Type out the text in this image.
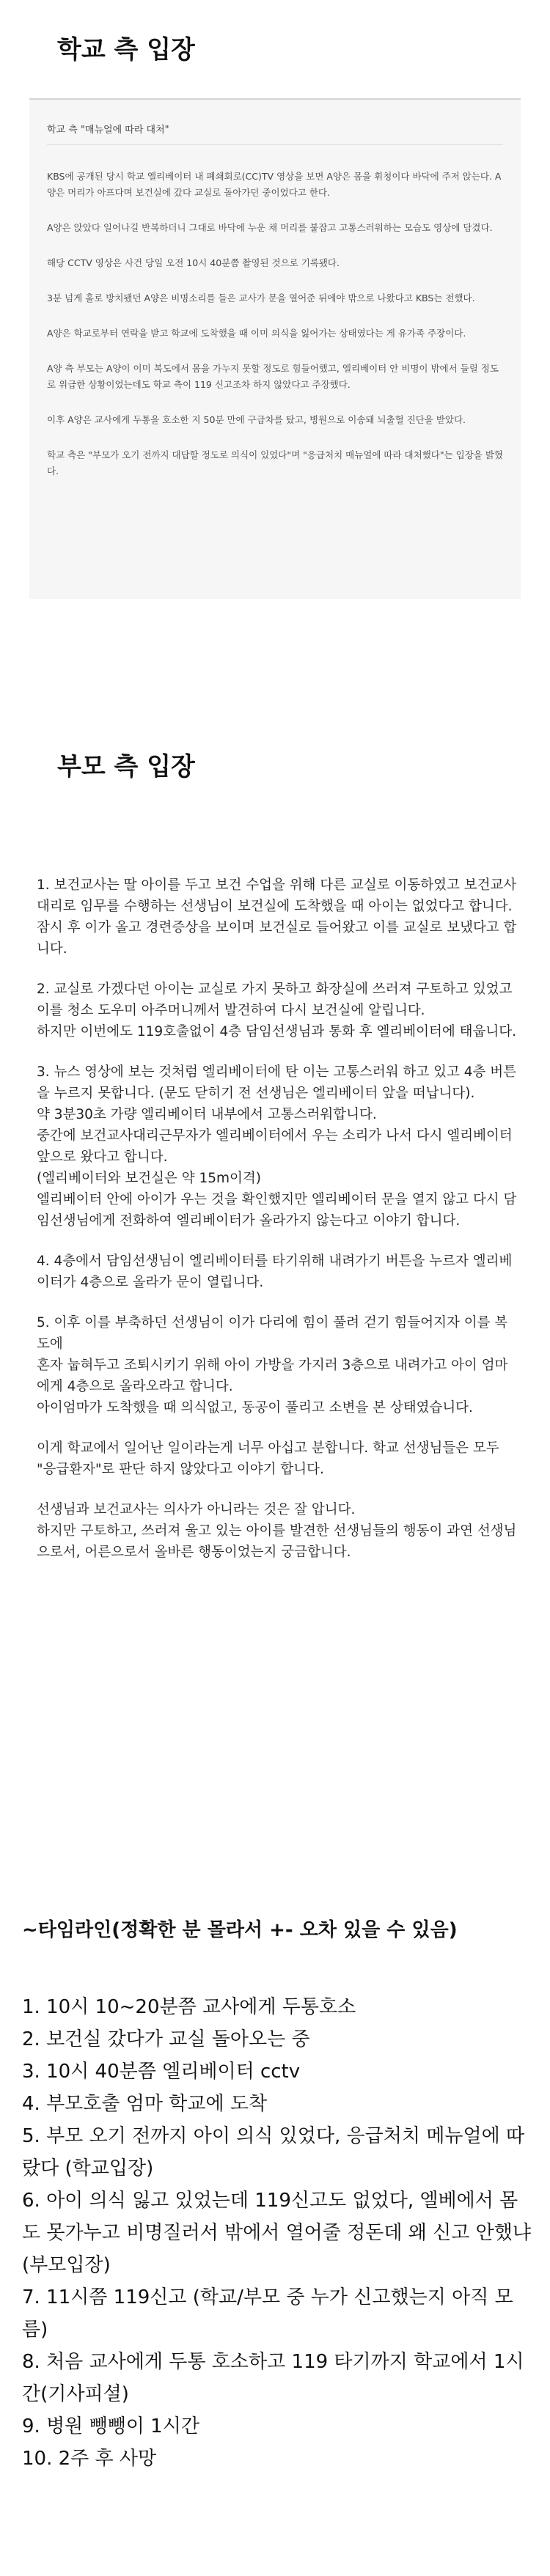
학교 측 입장
학교 측 "매뉴얼에 따라 대처"

KBS에 공개된 당시 학교 엘리베이터 내 폐쇄회로(CC)TV 영상을 보면 A양은 몸을 휘청이다 바닥에 주저 앉는다. A양은 머리가 아프다며 보건실에 갔다 교실로 돌아가던 중이었다고 한다.

A양은 앉았다 일어나길 반복하더니 그대로 바닥에 누운 채 머리를 붙잡고 고통스러워하는 모습도 영상에 담겼다.

해당 CCTV 영상은 사건 당일 오전 10시 40분쯤 촬영된 것으로 기록됐다.

3분 넘게 홀로 방치됐던 A양은 비명소리를 들은 교사가 문을 열어준 뒤에야 밖으로 나왔다고 KBS는 전했다.

A양은 학교로부터 연락을 받고 학교에 도착했을 때 이미 의식을 잃어가는 상태였다는 게 유가족 주장이다.

A양 측 부모는 A양이 이미 복도에서 몸을 가누지 못할 정도로 힘들어했고, 엘리베이터 안 비명이 밖에서 들릴 정도로 위급한 상황이었는데도 학교 측이 119 신고조차 하지 않았다고 주장했다.

이후 A양은 교사에게 두통을 호소한 지 50분 만에 구급차를 탔고, 병원으로 이송돼 뇌출혈 진단을 받았다.

학교 측은 "부모가 오기 전까지 대답할 정도로 의식이 있었다"며 "응급처치 매뉴얼에 따라 대처했다"는 입장을 밝혔다.

부모 측 입장

1. 보건교사는 딸 아이를 두고 보건 수업을 위해 다른 교실로 이동하였고 보건교사 대리로 임무를 수행하는 선생님이 보건실에 도착했을 때 아이는 없었다고 합니다. 잠시 후 이가 올고 경련증상을 보이며 보건실로 들어왔고 이를 교실로 보냈다고 합니다.

2. 교실로 가겠다던 아이는 교실로 가지 못하고 화장실에 쓰러져 구토하고 있었고 이를 청소 도우미 아주머니께서 발견하여 다시 보건실에 알립니다.
하지만 이번에도 119호출없이 4층 담임선생님과 통화 후 엘리베이터에 태웁니다.

3. 뉴스 영상에 보는 것처럼 엘리베이터에 탄 이는 고통스러워 하고 있고 4층 버튼을 누르지 못합니다. (문도 닫히기 전 선생님은 엘리베이터 앞을 떠납니다).
약 3분30초 가량 엘리베이터 내부에서 고통스러워합니다.
중간에 보건교사대리근무자가 엘리베이터에서 우는 소리가 나서 다시 엘리베이터 앞으로 왔다고 합니다.
(엘리베이터와 보건실은 약 15m이격)
엘리베이터 안에 아이가 우는 것을 확인했지만 엘리베이터 문을 열지 않고 다시 담임선생님에게 전화하여 엘리베이터가 올라가지 않는다고 이야기 합니다.

4. 4층에서 담임선생님이 엘리베이터를 타기위해 내려가기 버튼을 누르자 엘리베이터가 4층으로 올라가 문이 열립니다.

5. 이후 이를 부축하던 선생님이 이가 다리에 힘이 풀려 걷기 힘들어지자 이를 복도에
혼자 눕혀두고 조퇴시키기 위해 아이 가방을 가지러 3층으로 내려가고 아이 엄마에게 4층으로 올라오라고 합니다.
아이엄마가 도착했을 때 의식없고, 동공이 풀리고 소변을 본 상태였습니다.

이게 학교에서 일어난 일이라는게 너무 아십고 분합니다. 학교 선생님들은 모두 "응급환자"로 판단 하지 않았다고 이야기 합니다.

선생님과 보건교사는 의사가 아니라는 것은 잘 압니다.
하지만 구토하고, 쓰러져 울고 있는 아이를 발견한 선생님들의 행동이 과연 선생님으로서, 어른으로서 올바른 행동이었는지 궁금합니다.

~타임라인(정확한 분 몰라서 +- 오차 있을 수 있음)
1. 10시 10~20분쯤 교사에게 두통호소
2. 보건실 갔다가 교실 돌아오는 중
3. 10시 40분쯤 엘리베이터 cctv
4. 부모호출 엄마 학교에 도착
5. 부모 오기 전까지 아이 의식 있었다, 응급처치 메뉴얼에 따랐다 (학교입장)
6. 아이 의식 잃고 있었는데 119신고도 없었다, 엘베에서 몸도 못가누고 비명질러서 밖에서 열어줄 정돈데 왜 신고 안했냐 (부모입장)
7. 11시쯤 119신고 (학교/부모 중 누가 신고했는지 아직 모름)
8. 처음 교사에게 두통 호소하고 119 타기까지 학교에서 1시간(기사피셜)
9. 병원 뺑뺑이 1시간
10. 2주 후 사망
